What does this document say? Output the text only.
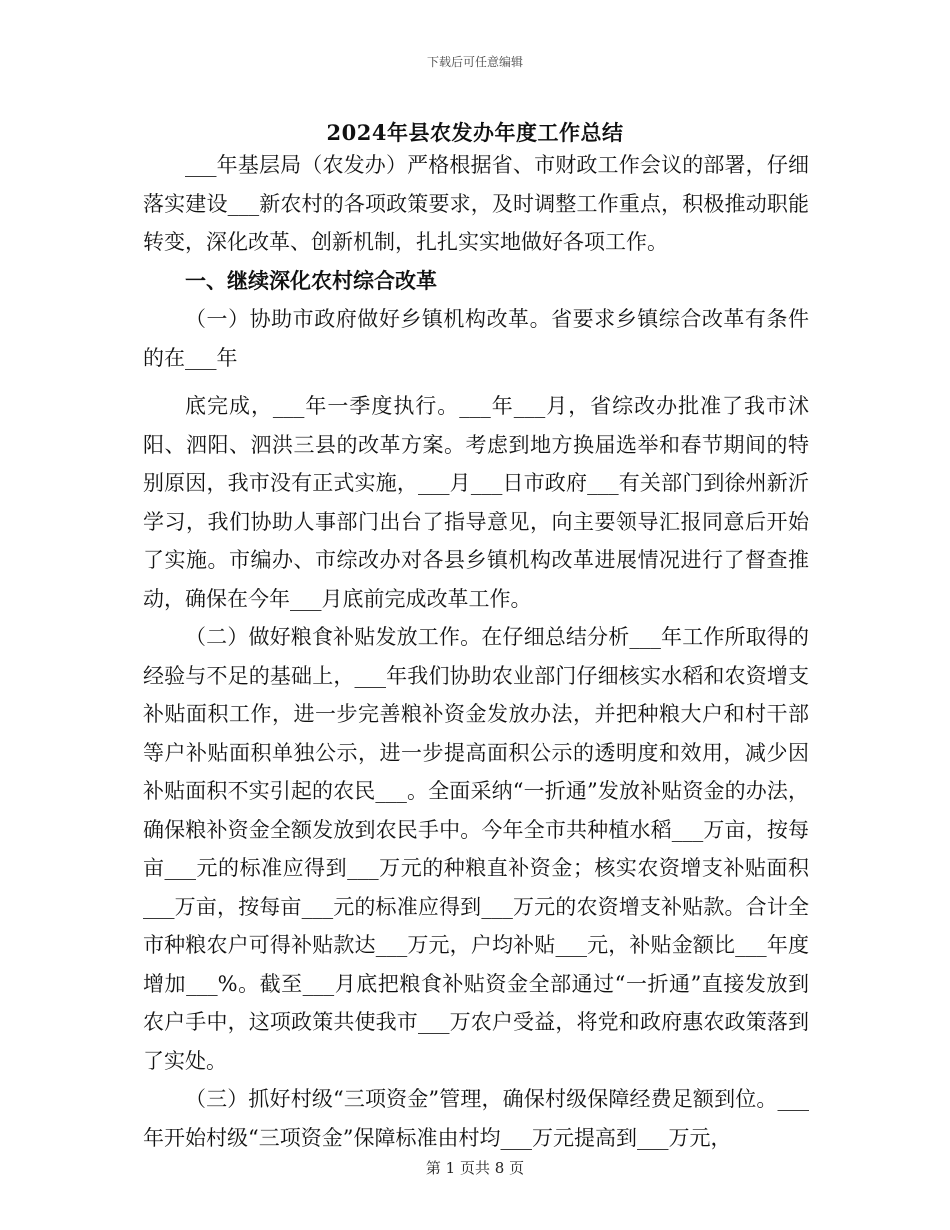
下载后可任意编辑
2024年县农发办年度工作总结

___年基层局（农发办）严格根据省、市财政工作会议的部署，仔细落实建设___新农村的各项政策要求，及时调整工作重点，积极推动职能转变，深化改革、创新机制，扎扎实实地做好各项工作。

一、继续深化农村综合改革

（一）协助市政府做好乡镇机构改革。省要求乡镇综合改革有条件的在___年

底完成，___年一季度执行。___年___月，省综改办批准了我市沭阳、泗阳、泗洪三县的改革方案。考虑到地方换届选举和春节期间的特别原因，我市没有正式实施，___月___日市政府___有关部门到徐州新沂学习，我们协助人事部门出台了指导意见，向主要领导汇报同意后开始了实施。市编办、市综改办对各县乡镇机构改革进展情况进行了督查推动，确保在今年___月底前完成改革工作。

（二）做好粮食补贴发放工作。在仔细总结分析___年工作所取得的经验与不足的基础上，___年我们协助农业部门仔细核实水稻和农资增支补贴面积工作，进一步完善粮补资金发放办法，并把种粮大户和村干部等户补贴面积单独公示，进一步提高面积公示的透明度和效用，减少因补贴面积不实引起的农民___。全面采纳“一折通”发放补贴资金的办法，确保粮补资金全额发放到农民手中。今年全市共种植水稻___万亩，按每亩___元的标准应得到___万元的种粮直补资金；核实农资增支补贴面积___万亩，按每亩___元的标准应得到___万元的农资增支补贴款。合计全市种粮农户可得补贴款达___万元，户均补贴___元，补贴金额比___年度增加___%。截至___月底把粮食补贴资金全部通过“一折通”直接发放到农户手中，这项政策共使我市___万农户受益，将党和政府惠农政策落到了实处。

（三）抓好村级“三项资金”管理，确保村级保障经费足额到位。___年开始村级“三项资金”保障标准由村均___万元提高到___万元，

第 1 页共 8 页
